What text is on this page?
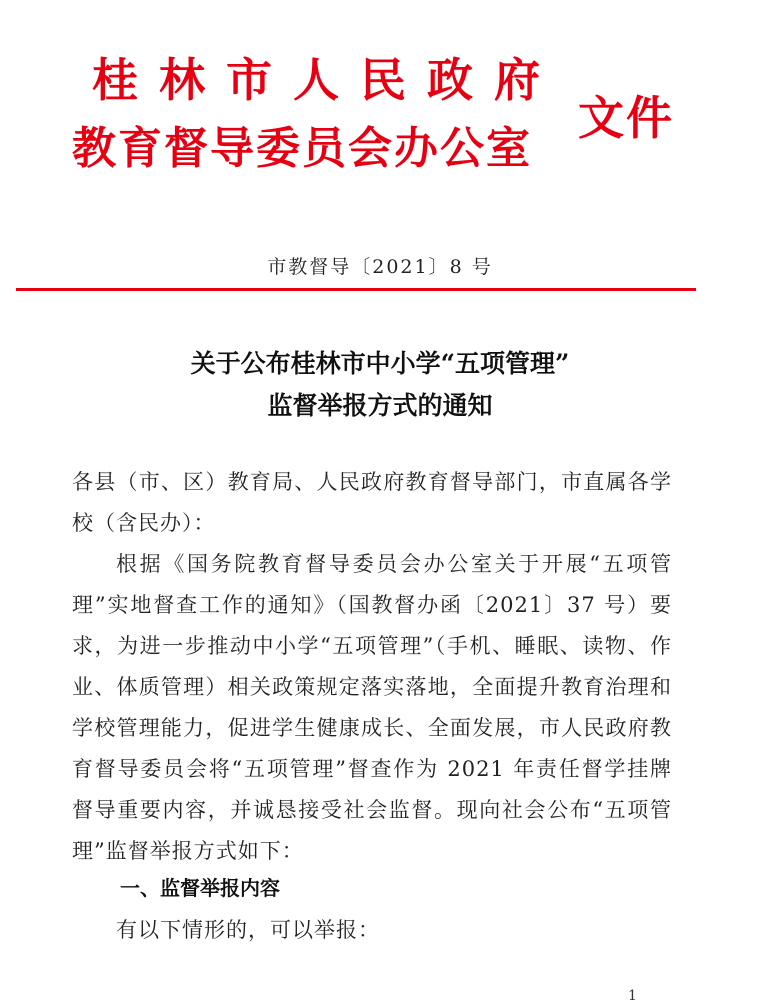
桂林市人民政府
教育督导委员会办公室
文件
市教督导〔2021〕8 号
关于公布桂林市中小学“五项管理”
监督举报方式的通知
各县（市、区）教育局、人民政府教育督导部门，市直属各学校（含民办）：
根据《国务院教育督导委员会办公室关于开展“五项管理”实地督查工作的通知》（国教督办函〔2021〕37 号）要求，为进一步推动中小学“五项管理”（手机、睡眠、读物、作业、体质管理）相关政策规定落实落地，全面提升教育治理和学校管理能力，促进学生健康成长、全面发展，市人民政府教育督导委员会将“五项管理”督查作为 2021 年责任督学挂牌督导重要内容，并诚恳接受社会监督。现向社会公布“五项管理”监督举报方式如下：
一、监督举报内容
有以下情形的，可以举报：
1
